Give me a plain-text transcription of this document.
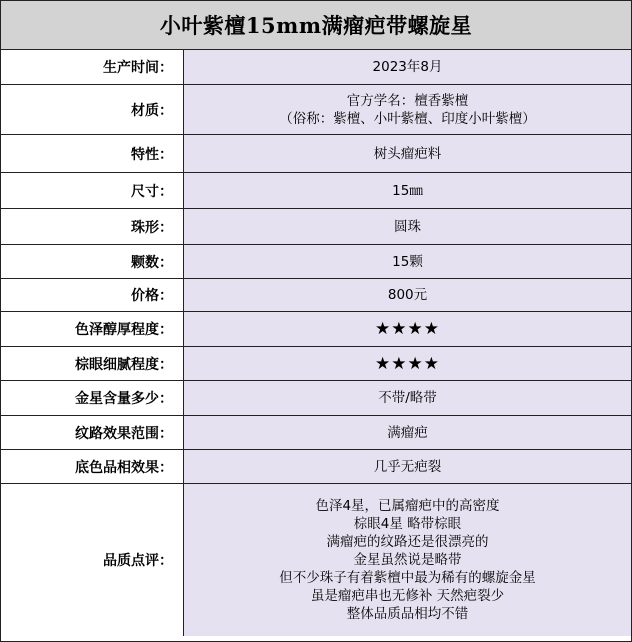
小叶紫檀15mm满瘤疤带螺旋星
生产时间：	2023年8月
材质：
官方学名：檀香紫檀
（俗称：紫檀、小叶紫檀、印度小叶紫檀）
特性：	树头瘤疤料
尺寸：	15㎜
珠形：	圆珠
颗数：	15颗
价格：	800元
色泽醇厚程度：	★★★★
棕眼细腻程度：	★★★★
金星含量多少：	不带/略带
纹路效果范围：	满瘤疤
底色品相效果：	几乎无疤裂
品质点评：
色泽4星，已属瘤疤中的高密度
棕眼4星 略带棕眼
满瘤疤的纹路还是很漂亮的
金星虽然说是略带
但不少珠子有着紫檀中最为稀有的螺旋金星
虽是瘤疤串也无修补 天然疤裂少
整体品质品相均不错
